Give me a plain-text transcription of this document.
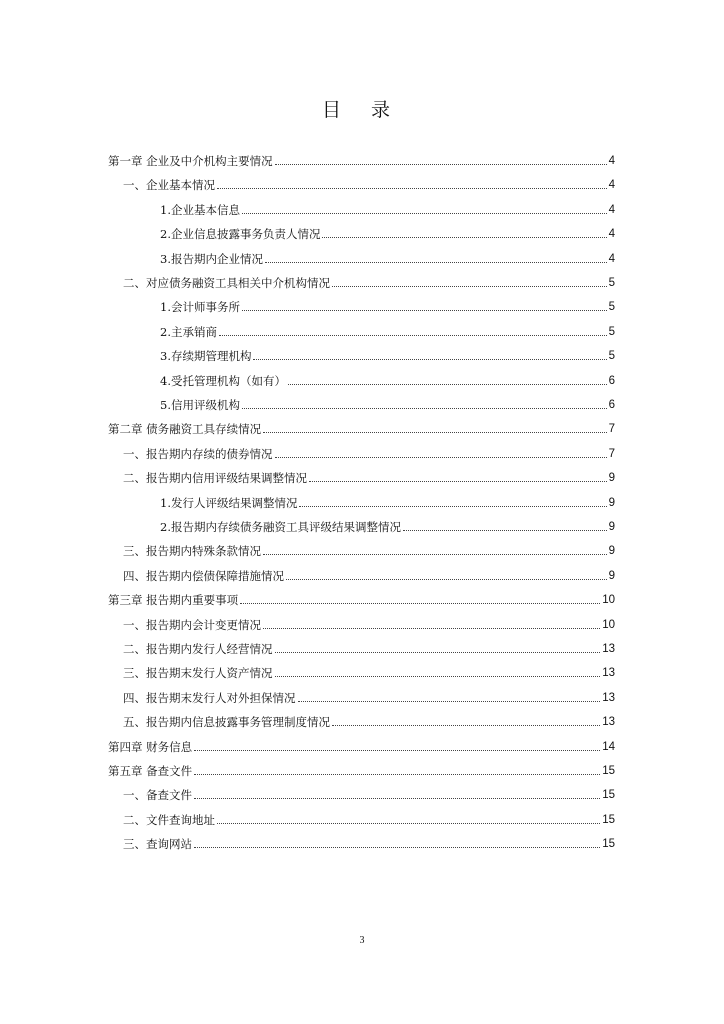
目 录
第一章 企业及中介机构主要情况	4
一、企业基本情况	4
1.企业基本信息	4
2.企业信息披露事务负责人情况	4
3.报告期内企业情况	4
二、对应债务融资工具相关中介机构情况	5
1.会计师事务所	5
2.主承销商	5
3.存续期管理机构	5
4.受托管理机构（如有）	6
5.信用评级机构	6
第二章 债务融资工具存续情况	7
一、报告期内存续的债券情况	7
二、报告期内信用评级结果调整情况	9
1.发行人评级结果调整情况	9
2.报告期内存续债务融资工具评级结果调整情况	9
三、报告期内特殊条款情况	9
四、报告期内偿债保障措施情况	9
第三章 报告期内重要事项	10
一、报告期内会计变更情况	10
二、报告期内发行人经营情况	13
三、报告期末发行人资产情况	13
四、报告期末发行人对外担保情况	13
五、报告期内信息披露事务管理制度情况	13
第四章 财务信息	14
第五章 备查文件	15
一、备查文件	15
二、文件查询地址	15
三、查询网站	15
3
